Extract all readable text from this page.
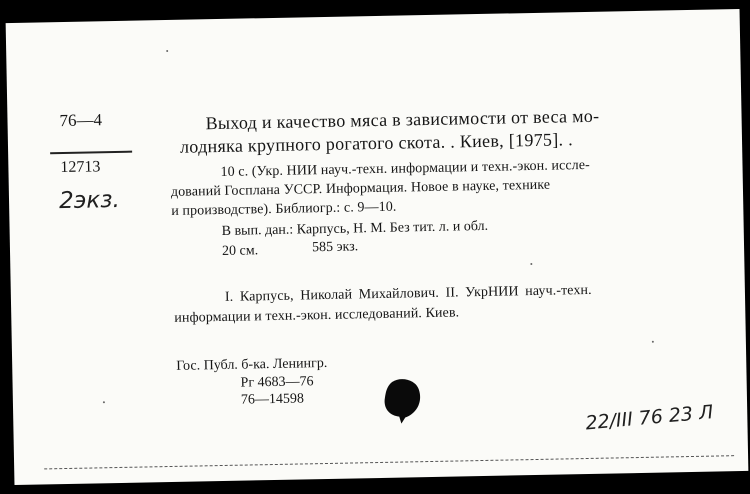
76—4
12713
2экз.
Выход и качество мяса в зависимости от веса мо-
лодняка крупного рогатого скота. . Киев, [1975]. .
10 с. (Укр. НИИ науч.-техн. информации и техн.-экон. иссле-
дований Госплана УССР. Информация. Новое в науке, технике
и производстве). Библиогр.: с. 9—10.
В вып. дан.: Карпусь, Н. М. Без тит. л. и обл.
20 см.	585 экз.
I. Карпусь, Николай Михайлович. II. УкрНИИ науч.-техн.
информации и техн.-экон. исследований. Киев.
Гос. Публ. б-ка. Ленингр.
Рг 4683—76
76—14598
22/ІІІ 76 23 Л
